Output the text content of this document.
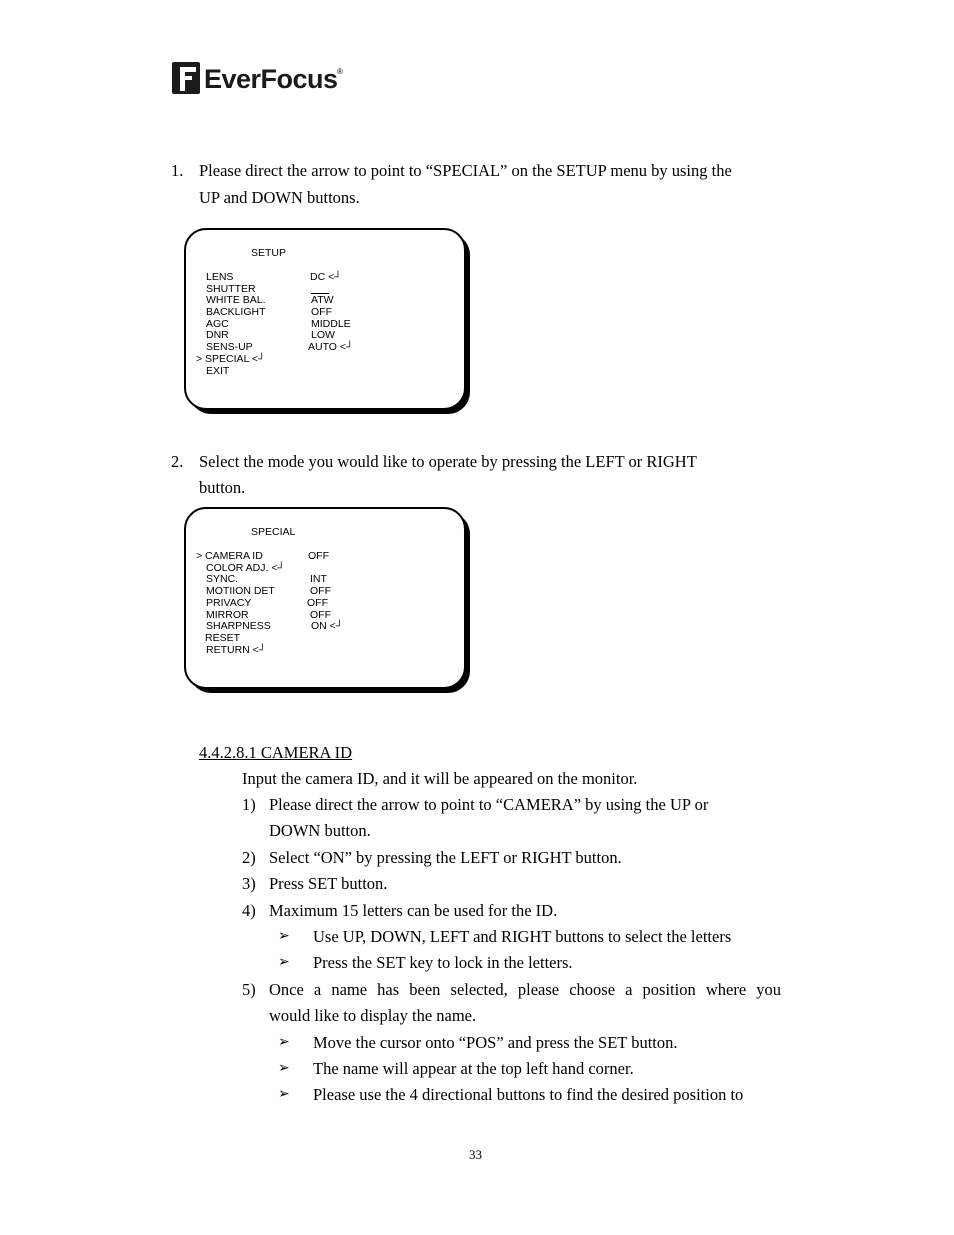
EverFocus ®
1. Please direct the arrow to point to “SPECIAL” on the SETUP menu by using the
UP and DOWN buttons.
SETUP
LENS	DC <┘
SHUTTER
WHITE BAL.	ATW
BACKLIGHT	OFF
AGC	MIDDLE
DNR	LOW
SENS-UP	AUTO <┘
> SPECIAL <┘
EXIT
2. Select the mode you would like to operate by pressing the LEFT or RIGHT
button.
SPECIAL
> CAMERA ID	OFF
COLOR ADJ. <┘
SYNC.	INT
MOTIION DET	OFF
PRIVACY	OFF
MIRROR	OFF
SHARPNESS	ON <┘
RESET
RETURN <┘
4.4.2.8.1 CAMERA ID
Input the camera ID, and it will be appeared on the monitor.
1) Please direct the arrow to point to “CAMERA” by using the UP or
DOWN button.
2) Select “ON” by pressing the LEFT or RIGHT button.
3) Press SET button.
4) Maximum 15 letters can be used for the ID.
➢ Use UP, DOWN, LEFT and RIGHT buttons to select the letters
➢ Press the SET key to lock in the letters.
5) Once a name has been selected, please choose a position where you
would like to display the name.
➢ Move the cursor onto “POS” and press the SET button.
➢ The name will appear at the top left hand corner.
➢ Please use the 4 directional buttons to find the desired position to
33
